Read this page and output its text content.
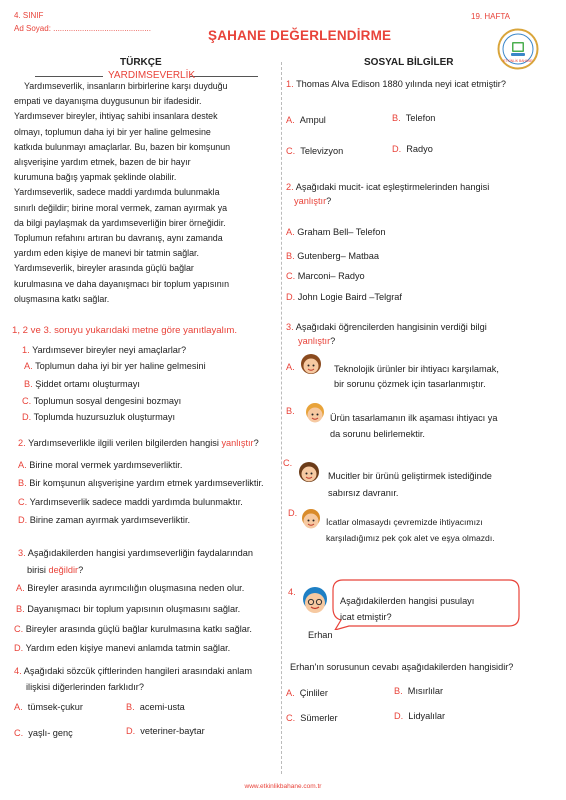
4. SINIF
Ad Soyad: ............................................
19. HAFTA
ŞAHANE DEĞERLENDİRME
ETKİNLİK BAHANE
TÜRKÇE
YARDIMSEVERLİK
Yardımseverlik, insanların birbirlerine karşı duyduğu
empati ve dayanışma duygusunun bir ifadesidir.
Yardımsever bireyler, ihtiyaç sahibi insanlara destek
olmayı, toplumun daha iyi bir yer haline gelmesine
katkıda bulunmayı amaçlarlar. Bu, bazen bir komşunun
alışverişine yardım etmek, bazen de bir hayır
kurumuna bağış yapmak şeklinde olabilir.
Yardımseverlik, sadece maddi yardımda bulunmakla
sınırlı değildir; birine moral vermek, zaman ayırmak ya
da bilgi paylaşmak da yardımseverliğin birer örneğidir.
Toplumun refahını artıran bu davranış, aynı zamanda
yardım eden kişiye de manevi bir tatmin sağlar.
Yardımseverlik, bireyler arasında güçlü bağlar
kurulmasına ve daha dayanışmacı bir toplum yapısının
oluşmasına katkı sağlar.
1, 2 ve 3. soruyu yukarıdaki metne göre yanıtlayalım.
1. Yardımsever bireyler neyi amaçlarlar?
A. Toplumun daha iyi bir yer haline gelmesini
B. Şiddet ortamı oluşturmayı
C. Toplumun sosyal dengesini bozmayı
D. Toplumda huzursuzluk oluşturmayı
2. Yardımseverlikle ilgili verilen bilgilerden hangisi yanlıştır?
A. Birine moral vermek yardımseverliktir.
B. Bir komşunun alışverişine yardım etmek yardımseverliktir.
C. Yardımseverlik sadece maddi yardımda bulunmaktır.
D. Birine zaman ayırmak yardımseverliktir.
3. Aşağıdakilerden hangisi yardımseverliğin faydalarından
birisi değildir?
A. Bireyler arasında ayrımcılığın oluşmasına neden olur.
B. Dayanışmacı bir toplum yapısının oluşmasını sağlar.
C. Bireyler arasında güçlü bağlar kurulmasına katkı sağlar.
D. Yardım eden kişiye manevi anlamda tatmin sağlar.
4. Aşağıdaki sözcük çiftlerinden hangileri arasındaki anlam
ilişkisi diğerlerinden farklıdır?
A. tümsek-çukur	B. acemi-usta
C. yaşlı- genç	D. veteriner-baytar
SOSYAL BİLGİLER
1. Thomas Alva Edison 1880 yılında neyi icat etmiştir?
A. Ampul	B. Telefon
C. Televizyon	D. Radyo
2. Aşağıdaki mucit- icat eşleştirmelerinden hangisi
yanlıştır?
A. Graham Bell– Telefon
B. Gutenberg– Matbaa
C. Marconi– Radyo
D. John Logie Baird –Telgraf
3. Aşağıdaki öğrencilerden hangisinin verdiği bilgi
yanlıştır?
A.	Teknolojik ürünler bir ihtiyacı karşılamak,
bir sorunu çözmek için tasarlanmıştır.
B.
Ürün tasarlamanın ilk aşaması ihtiyacı ya
da sorunu belirlemektir.
C.
Mucitler bir ürünü geliştirmek istediğinde
sabırsız davranır.
D.
İcatlar olmasaydı çevremizde ihtiyacımızı
karşıladığımız pek çok alet ve eşya olmazdı.
4.
Erhan
Aşağıdakilerden hangisi pusulayı
icat etmiştir?
Erhan'ın sorusunun cevabı aşağıdakilerden hangisidir?
A. Çinliler	B. Mısırlılar
C. Sümerler	D. Lidyalılar
www.etkinlikbahane.com.tr
